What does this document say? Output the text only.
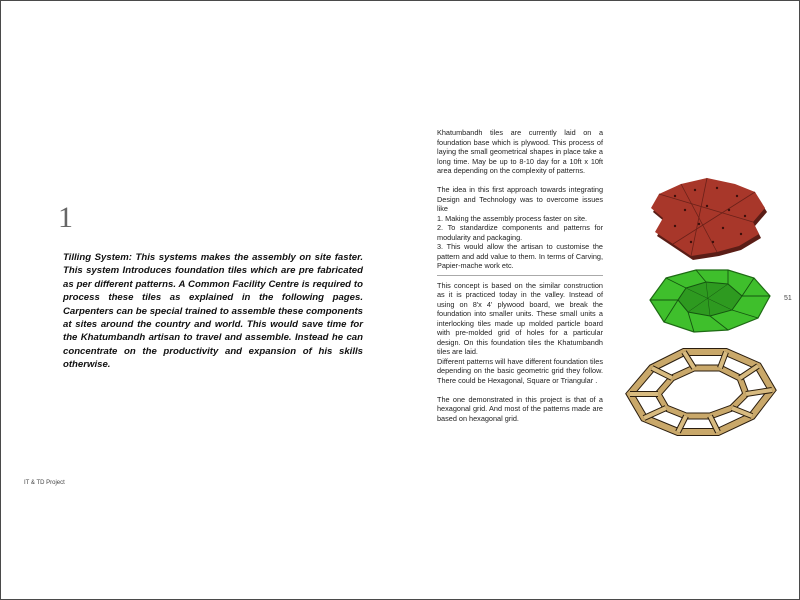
1
Tilling System: This systems makes the assembly on site faster. This system Introduces foundation tiles which are pre fabricated as per different patterns. A Common Facility Centre is required to process these tiles as explained in the following pages. Carpenters can be special trained to assemble these components at sites around the country and world. This would save time for the Khatumbandh artisan to travel and assemble. Instead he can concentrate on the productivity and expansion of his skills otherwise.
IT & TD Project

Khatumbandh tiles are currently laid on a foundation base which is plywood. This process of laying the small geometrical shapes in place take a long time. May be up to 8-10 day for a 10ft x 10ft area depending on the complexity of patterns.

The idea in this first approach towards integrating Design and Technology was to overcome issues like

1. Making the assembly process faster on site.

2. To standardize components and patterns for modularity and packaging.

3. This would allow the artisan to customise the pattern and add value to them. In terms of Carving, Papier-mache work etc.

This concept is based on the similar construction as it is practiced today in the valley. Instead of using on 8'x 4' plywood board, we break the foundation into smaller units. These small units a interlocking tiles made up molded particle board with pre-molded grid of holes for a particular design. On this foundation tiles the Khatumbandh tiles are laid.

Different patterns will have different foundation tiles depending on the basic geometric grid they follow. There could be Hexagonal, Square or Triangular .

The one demonstrated in this project is that of a hexagonal grid. And most of the patterns made are based on hexagonal grid.

51
